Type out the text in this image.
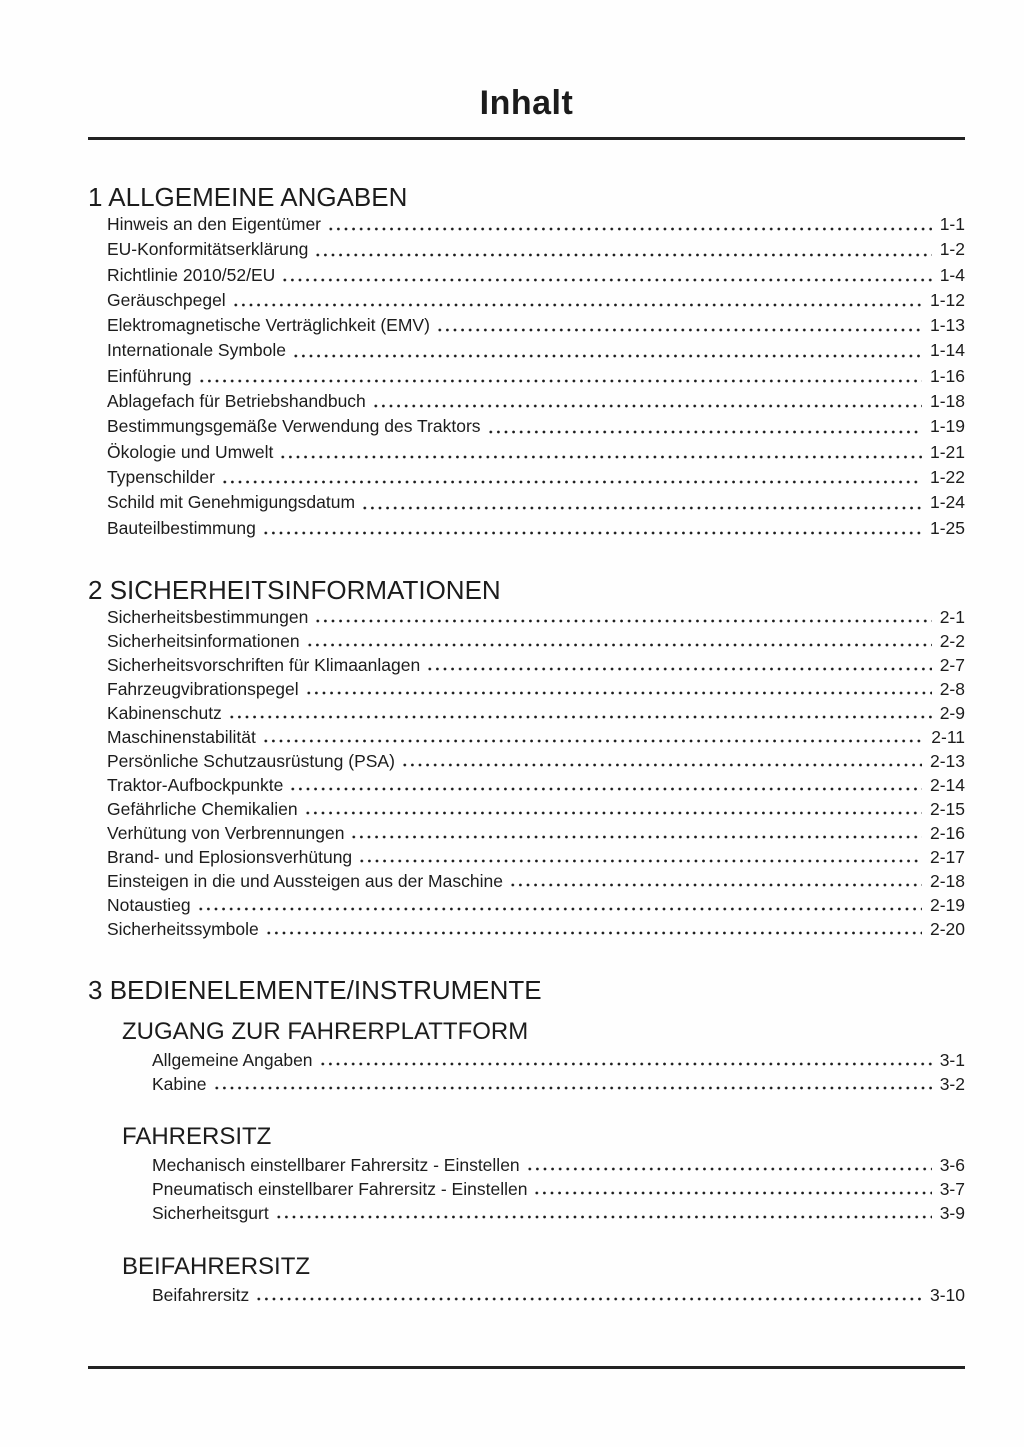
Inhalt
1 ALLGEMEINE ANGABEN
Hinweis an den Eigentümer	1-1
EU-Konformitätserklärung	1-2
Richtlinie 2010/52/EU	1-4
Geräuschpegel	1-12
Elektromagnetische Verträglichkeit (EMV)	1-13
Internationale Symbole	1-14
Einführung	1-16
Ablagefach für Betriebshandbuch	1-18
Bestimmungsgemäße Verwendung des Traktors	1-19
Ökologie und Umwelt	1-21
Typenschilder	1-22
Schild mit Genehmigungsdatum	1-24
Bauteilbestimmung	1-25
2 SICHERHEITSINFORMATIONEN
Sicherheitsbestimmungen	2-1
Sicherheitsinformationen	2-2
Sicherheitsvorschriften für Klimaanlagen	2-7
Fahrzeugvibrationspegel	2-8
Kabinenschutz	2-9
Maschinenstabilität	2-11
Persönliche Schutzausrüstung (PSA)	2-13
Traktor-Aufbockpunkte	2-14
Gefährliche Chemikalien	2-15
Verhütung von Verbrennungen	2-16
Brand- und Eplosionsverhütung	2-17
Einsteigen in die und Aussteigen aus der Maschine	2-18
Notaustieg	2-19
Sicherheitssymbole	2-20
3 BEDIENELEMENTE/INSTRUMENTE
ZUGANG ZUR FAHRERPLATTFORM
Allgemeine Angaben	3-1
Kabine	3-2
FAHRERSITZ
Mechanisch einstellbarer Fahrersitz - Einstellen	3-6
Pneumatisch einstellbarer Fahrersitz - Einstellen	3-7
Sicherheitsgurt	3-9
BEIFAHRERSITZ
Beifahrersitz	3-10
